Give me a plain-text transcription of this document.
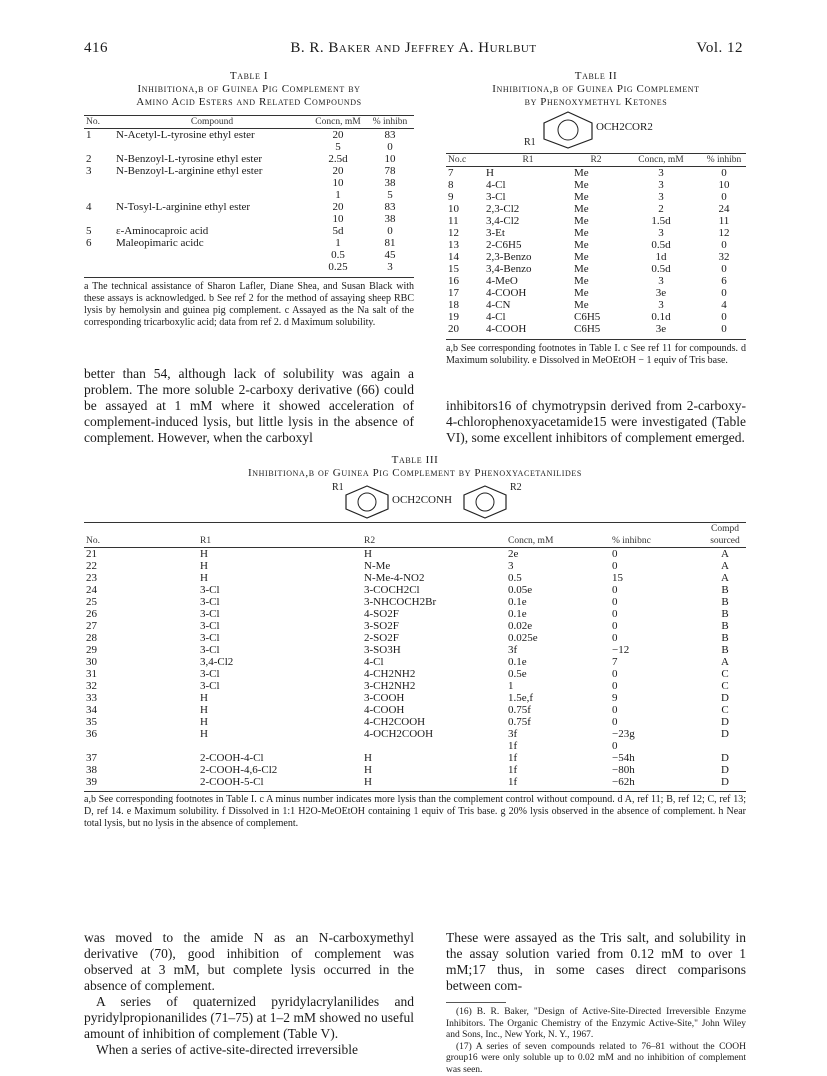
416	B. R. Baker and Jeffrey A. Hurlbut	Vol. 12
Table I
Inhibitiona,b of Guinea Pig Complement by
Amino Acid Esters and Related Compounds
No.	Compound	Concn, mM	% inhibn
1	N-Acetyl-L-tyrosine ethyl ester	20	83
		5	0
2	N-Benzoyl-L-tyrosine ethyl ester	2.5d	10
3	N-Benzoyl-L-arginine ethyl ester	20	78
		10	38
		1	5
4	N-Tosyl-L-arginine ethyl ester	20	83
		10	38
5	ε-Aminocaproic acid	5d	0
6	Maleopimaric acidc	1	81
		0.5	45
		0.25	3
a The technical assistance of Sharon Lafler, Diane Shea, and Susan Black with these assays is acknowledged. b See ref 2 for the method of assaying sheep RBC lysis by hemolysin and guinea pig complement. c Assayed as the Na salt of the corresponding tricarboxylic acid; data from ref 2. d Maximum solubility.
Table II
Inhibitiona,b of Guinea Pig Complement
by Phenoxymethyl Ketones
OCH2COR2
R1
No.c	R1	R2	Concn, mM	% inhibn
7	H	Me	3	0
8	4-Cl	Me	3	10
9	3-Cl	Me	3	0
10	2,3-Cl2	Me	2	24
11	3,4-Cl2	Me	1.5d	11
12	3-Et	Me	3	12
13	2-C6H5	Me	0.5d	0
14	2,3-Benzo	Me	1d	32
15	3,4-Benzo	Me	0.5d	0
16	4-MeO	Me	3	6
17	4-COOH	Me	3e	0
18	4-CN	Me	3	4
19	4-Cl	C6H5	0.1d	0
20	4-COOH	C6H5	3e	0
a,b See corresponding footnotes in Table I. c See ref 11 for compounds. d Maximum solubility. e Dissolved in MeOEtOH − 1 equiv of Tris base.
better than 54, although lack of solubility was again a problem. The more soluble 2-carboxy derivative (66) could be assayed at 1 mM where it showed acceleration of complement-induced lysis, but little lysis in the absence of complement. However, when the carboxyl
inhibitors16 of chymotrypsin derived from 2-carboxy-4-chlorophenoxyacetamide15 were investigated (Table VI), some excellent inhibitors of complement emerged.
Table III
Inhibitiona,b of Guinea Pig Complement by Phenoxyacetanilides
R1
OCH2CONH
R2
No.	R1	R2	Concn, mM	% inhibnc	Compd
sourced

21	H	H	2e	0	A
22	H	N-Me	3	0	A
23	H	N-Me-4-NO2	0.5	15	A
24	3-Cl	3-COCH2Cl	0.05e	0	B
25	3-Cl	3-NHCOCH2Br	0.1e	0	B
26	3-Cl	4-SO2F	0.1e	0	B
27	3-Cl	3-SO2F	0.02e	0	B
28	3-Cl	2-SO2F	0.025e	0	B
29	3-Cl	3-SO3H	3f	−12	B
30	3,4-Cl2	4-Cl	0.1e	7	A
31	3-Cl	4-CH2NH2	0.5e	0	C
32	3-Cl	3-CH2NH2	1	0	C
33	H	3-COOH	1.5e,f	9	D
34	H	4-COOH	0.75f	0	C
35	H	4-CH2COOH	0.75f	0	D
36	H	4-OCH2COOH	3f	−23g	D
			1f	0	
37	2-COOH-4-Cl	H	1f	−54h	D
38	2-COOH-4,6-Cl2	H	1f	−80h	D
39	2-COOH-5-Cl	H	1f	−62h	D
a,b See corresponding footnotes in Table I. c A minus number indicates more lysis than the complement control without compound. d A, ref 11; B, ref 12; C, ref 13; D, ref 14. e Maximum solubility. f Dissolved in 1:1 H2O-MeOEtOH containing 1 equiv of Tris base. g 20% lysis observed in the absence of complement. h Near total lysis, but no lysis in the absence of complement.
was moved to the amide N as an N-carboxymethyl derivative (70), good inhibition of complement was observed at 3 mM, but complete lysis occurred in the absence of complement.
A series of quaternized pyridylacrylanilides and pyridylpropionanilides (71–75) at 1–2 mM showed no useful amount of inhibition of complement (Table V).
When a series of active-site-directed irreversible
These were assayed as the Tris salt, and solubility in the assay solution varied from 0.12 mM to over 1 mM;17 thus, in some cases direct comparisons between com-
(16) B. R. Baker, "Design of Active-Site-Directed Irreversible Enzyme Inhibitors. The Organic Chemistry of the Enzymic Active-Site," John Wiley and Sons, Inc., New York, N. Y., 1967.
(17) A series of seven compounds related to 76–81 without the COOH group16 were only soluble up to 0.02 mM and no inhibition of complement was seen.
